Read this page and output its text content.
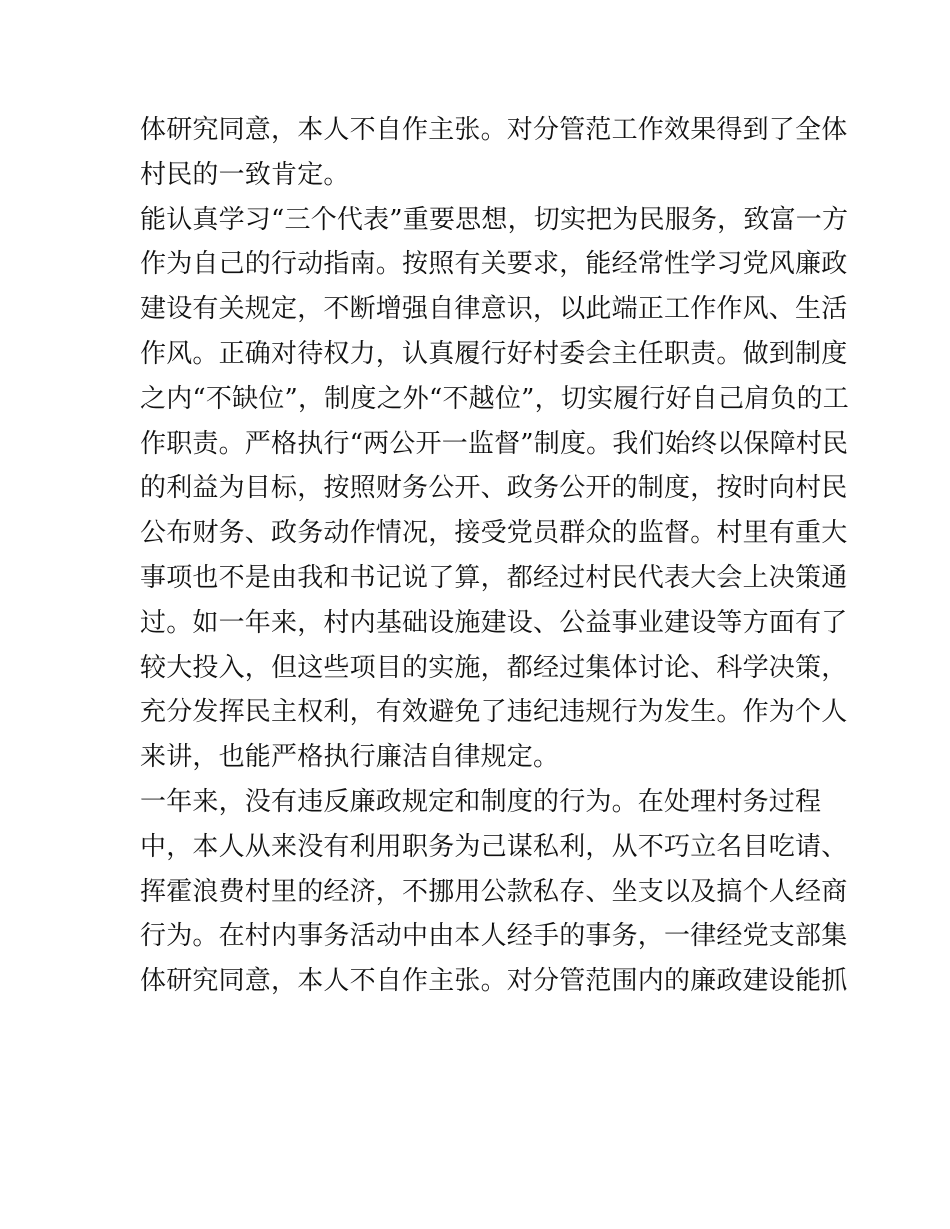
体研究同意，本人不自作主张。对分管范工作效果得到了全体
村民的一致肯定。
能认真学习“三个代表”重要思想，切实把为民服务，致富一方
作为自己的行动指南。按照有关要求，能经常性学习党风廉政
建设有关规定，不断增强自律意识，以此端正工作作风、生活
作风。正确对待权力，认真履行好村委会主任职责。做到制度
之内“不缺位”，制度之外“不越位”，切实履行好自己肩负的工
作职责。严格执行“两公开一监督”制度。我们始终以保障村民
的利益为目标，按照财务公开、政务公开的制度，按时向村民
公布财务、政务动作情况，接受党员群众的监督。村里有重大
事项也不是由我和书记说了算，都经过村民代表大会上决策通
过。如一年来，村内基础设施建设、公益事业建设等方面有了
较大投入，但这些项目的实施，都经过集体讨论、科学决策，
充分发挥民主权利，有效避免了违纪违规行为发生。作为个人
来讲，也能严格执行廉洁自律规定。
一年来，没有违反廉政规定和制度的行为。在处理村务过程
中，本人从来没有利用职务为己谋私利，从不巧立名目吃请、
挥霍浪费村里的经济，不挪用公款私存、坐支以及搞个人经商
行为。在村内事务活动中由本人经手的事务，一律经党支部集
体研究同意，本人不自作主张。对分管范围内的廉政建设能抓
